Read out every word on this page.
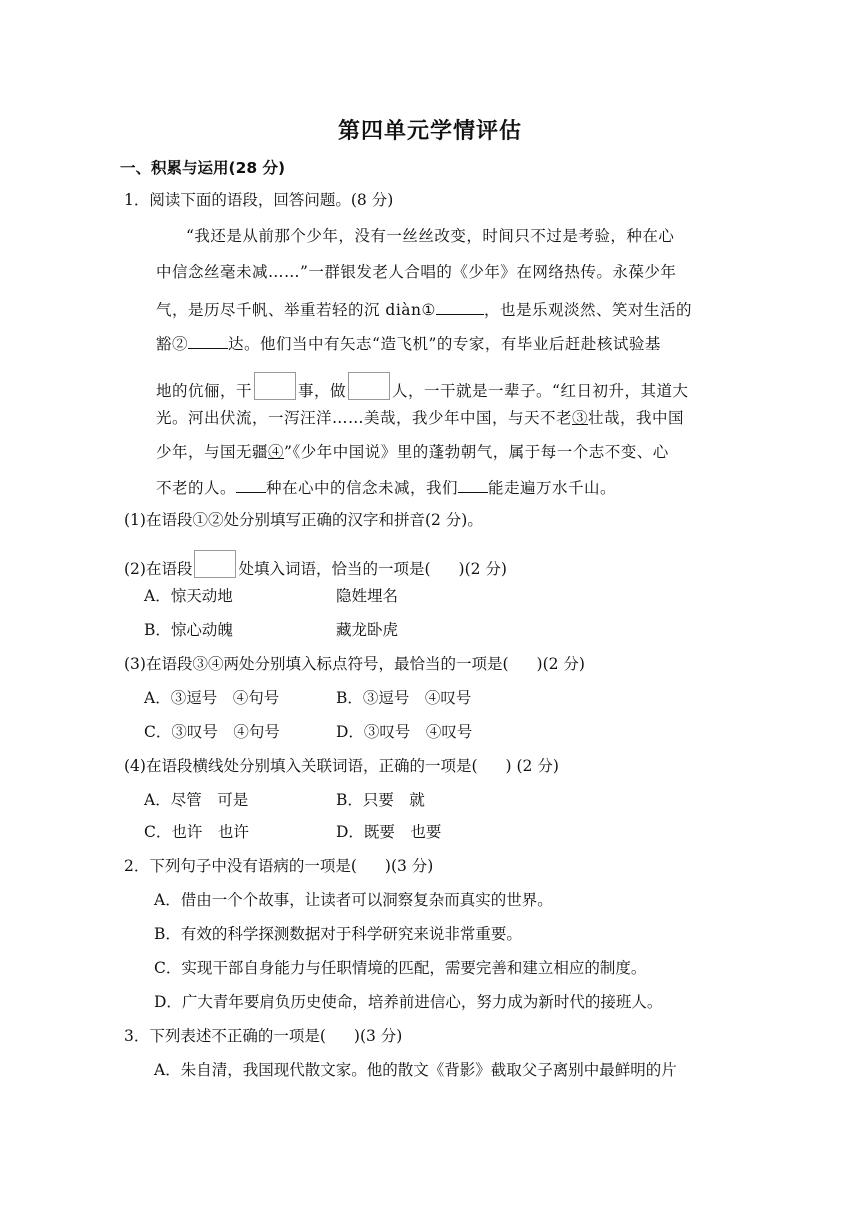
第四单元学情评估
一、积累与运用(28 分)
1．阅读下面的语段，回答问题。(8 分)
“我还是从前那个少年，没有一丝丝改变，时间只不过是考验，种在心
中信念丝毫未减……”一群银发老人合唱的《少年》在网络热传。永葆少年
气，是历尽千帆、举重若轻的沉 diàn①	，也是乐观淡然、笑对生活的
豁②	达。他们当中有矢志“造飞机”的专家，有毕业后赶赴核试验基
地的伉俪，干	事，做	人，一干就是一辈子。“红日初升，其道大
光。河出伏流，一泻汪洋……美哉，我少年中国，与天不老③壮哉，我中国
少年，与国无疆④”《少年中国说》里的蓬勃朝气，属于每一个志不变、心
不老的人。 种在心中的信念未减，我们 能走遍万水千山。
(1)在语段①②处分别填写正确的汉字和拼音(2 分)。
(2)在语段	处填入词语，恰当的一项是( )(2 分)
A．惊天动地	隐姓埋名
B．惊心动魄	藏龙卧虎
(3)在语段③④两处分别填入标点符号，最恰当的一项是( )(2 分)
A．③逗号　④句号	B．③逗号　④叹号
C．③叹号　④句号	D．③叹号　④叹号
(4)在语段横线处分别填入关联词语，正确的一项是( ) (2 分)
A．尽管　可是	B．只要　就
C．也许　也许	D．既要　也要
2．下列句子中没有语病的一项是( )(3 分)
A．借由一个个故事，让读者可以洞察复杂而真实的世界。
B．有效的科学探测数据对于科学研究来说非常重要。
C．实现干部自身能力与任职情境的匹配，需要完善和建立相应的制度。
D．广大青年要肩负历史使命，培养前进信心，努力成为新时代的接班人。
3．下列表述不正确的一项是( )(3 分)
A．朱自清，我国现代散文家。他的散文《背影》截取父子离别中最鲜明的片
